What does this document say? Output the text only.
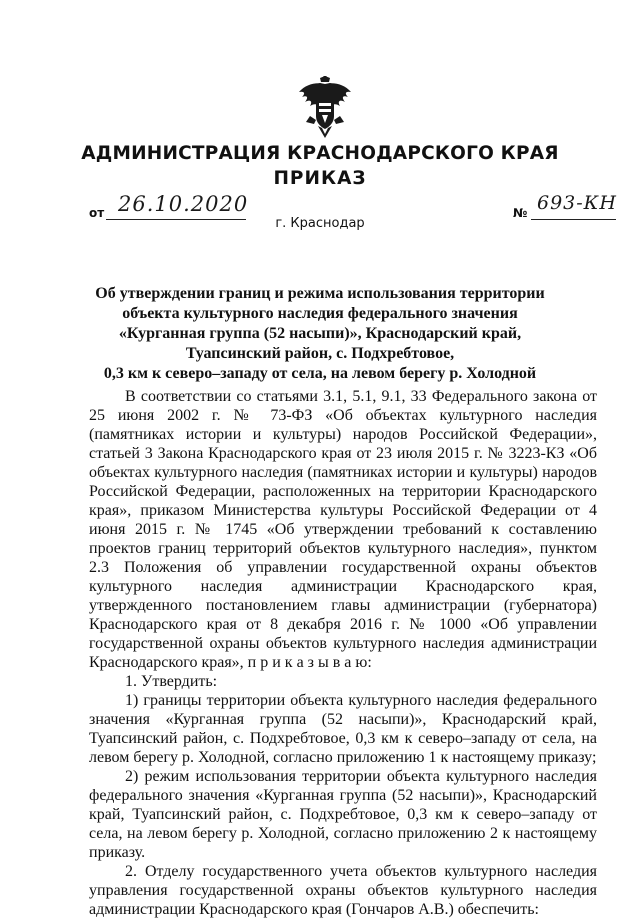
АДМИНИСТРАЦИЯ КРАСНОДАРСКОГО КРАЯ
ПРИКАЗ
от 26.10.2020
г. Краснодар
№ 693-КН
Об утверждении границ и режима использования территории
объекта культурного наследия федерального значения
«Курганная группа (52 насыпи)», Краснодарский край,
Туапсинский район, с. Подхребтовое,
0,3 км к северо–западу от села, на левом берегу р. Холодной

В соответствии со статьями 3.1, 5.1, 9.1, 33 Федерального закона от 25 июня 2002 г. № 73-ФЗ «Об объектах культурного наследия (памятниках истории и культуры) народов Российской Федерации», статьей 3 Закона Краснодарского края от 23 июля 2015 г. № 3223-КЗ «Об объектах культурного наследия (памятниках истории и культуры) народов Российской Федерации, расположенных на территории Краснодарского края», приказом Министерства культуры Российской Федерации от 4 июня 2015 г. № 1745 «Об утверждении требований к составлению проектов границ территорий объектов культурного наследия», пунктом 2.3 Положения об управлении государственной охраны объектов культурного наследия администрации Краснодарского края, утвержденного постановлением главы администрации (губернатора) Краснодарского края от 8 декабря 2016 г. № 1000 «Об управлении государственной охраны объектов культурного наследия администрации Краснодарского края», п р и к а з ы в а ю:

1. Утвердить:

1) границы территории объекта культурного наследия федерального значения «Курганная группа (52 насыпи)», Краснодарский край, Туапсинский район, с. Подхребтовое, 0,3 км к северо–западу от села, на левом берегу р. Холодной, согласно приложению 1 к настоящему приказу;

2) режим использования территории объекта культурного наследия федерального значения «Курганная группа (52 насыпи)», Краснодарский край, Туапсинский район, с. Подхребтовое, 0,3 км к северо–западу от села, на левом берегу р. Холодной, согласно приложению 2 к настоящему приказу.

2. Отделу государственного учета объектов культурного наследия управления государственной охраны объектов культурного наследия администрации Краснодарского края (Гончаров А.В.) обеспечить:
